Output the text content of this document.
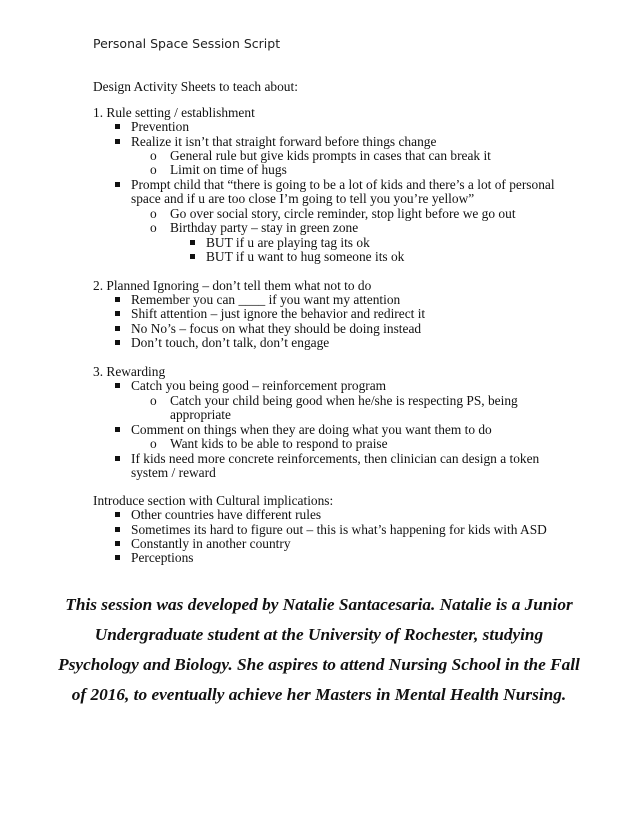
Personal Space Session Script
Design Activity Sheets to teach about:
1. Rule setting / establishment
Prevention
Realize it isn’t that straight forward before things change
o General rule but give kids prompts in cases that can break it
o Limit on time of hugs
Prompt child that “there is going to be a lot of kids and there’s a lot of personal
space and if u are too close I’m going to tell you you’re yellow”
o Go over social story, circle reminder, stop light before we go out
o Birthday party – stay in green zone
BUT if u are playing tag its ok
BUT if u want to hug someone its ok
2. Planned Ignoring – don’t tell them what not to do
Remember you can ____ if you want my attention
Shift attention – just ignore the behavior and redirect it
No No’s – focus on what they should be doing instead
Don’t touch, don’t talk, don’t engage
3. Rewarding
Catch you being good – reinforcement program
o Catch your child being good when he/she is respecting PS, being
appropriate
Comment on things when they are doing what you want them to do
o Want kids to be able to respond to praise
If kids need more concrete reinforcements, then clinician can design a token
system / reward
Introduce section with Cultural implications:
Other countries have different rules
Sometimes its hard to figure out – this is what’s happening for kids with ASD
Constantly in another country
Perceptions
This session was developed by Natalie Santacesaria. Natalie is a Junior
Undergraduate student at the University of Rochester, studying
Psychology and Biology. She aspires to attend Nursing School in the Fall
of 2016, to eventually achieve her Masters in Mental Health Nursing.
